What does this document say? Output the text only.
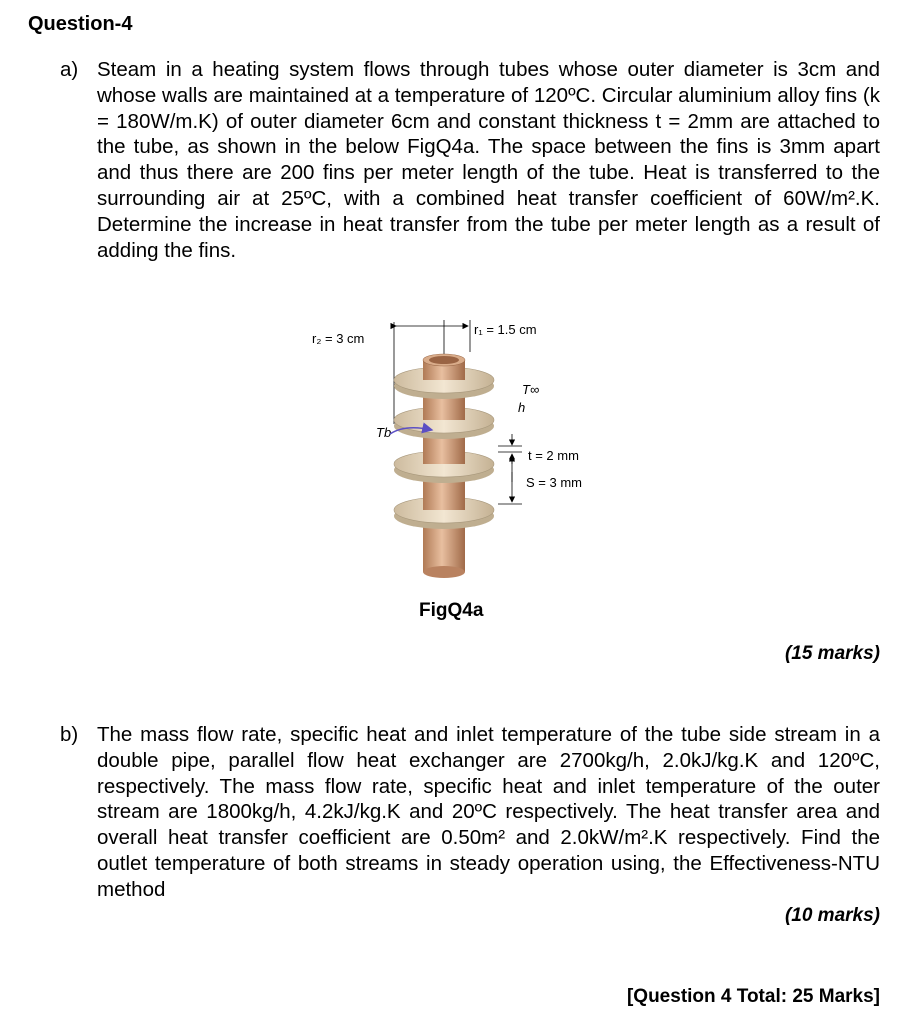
Question-4
a) Steam in a heating system flows through tubes whose outer diameter is 3cm and whose walls are maintained at a temperature of 120ºC. Circular aluminium alloy fins (k = 180W/m.K) of outer diameter 6cm and constant thickness t = 2mm are attached to the tube, as shown in the below FigQ4a. The space between the fins is 3mm apart and thus there are 200 fins per meter length of the tube. Heat is transferred to the surrounding air at 25ºC, with a combined heat transfer coefficient of 60W/m².K. Determine the increase in heat transfer from the tube per meter length as a result of adding the fins.

r₂ = 3 cm
r₁ = 1.5 cm
T∞
h
Tb
t = 2 mm
S = 3 mm
FigQ4a
(15 marks)
b) The mass flow rate, specific heat and inlet temperature of the tube side stream in a double pipe, parallel flow heat exchanger are 2700kg/h, 2.0kJ/kg.K and 120ºC, respectively. The mass flow rate, specific heat and inlet temperature of the outer stream are 1800kg/h, 4.2kJ/kg.K and 20ºC respectively. The heat transfer area and overall heat transfer coefficient are 0.50m² and 2.0kW/m².K respectively. Find the outlet temperature of both streams in steady operation using, the Effectiveness-NTU method

(10 marks)
[Question 4 Total: 25 Marks]
